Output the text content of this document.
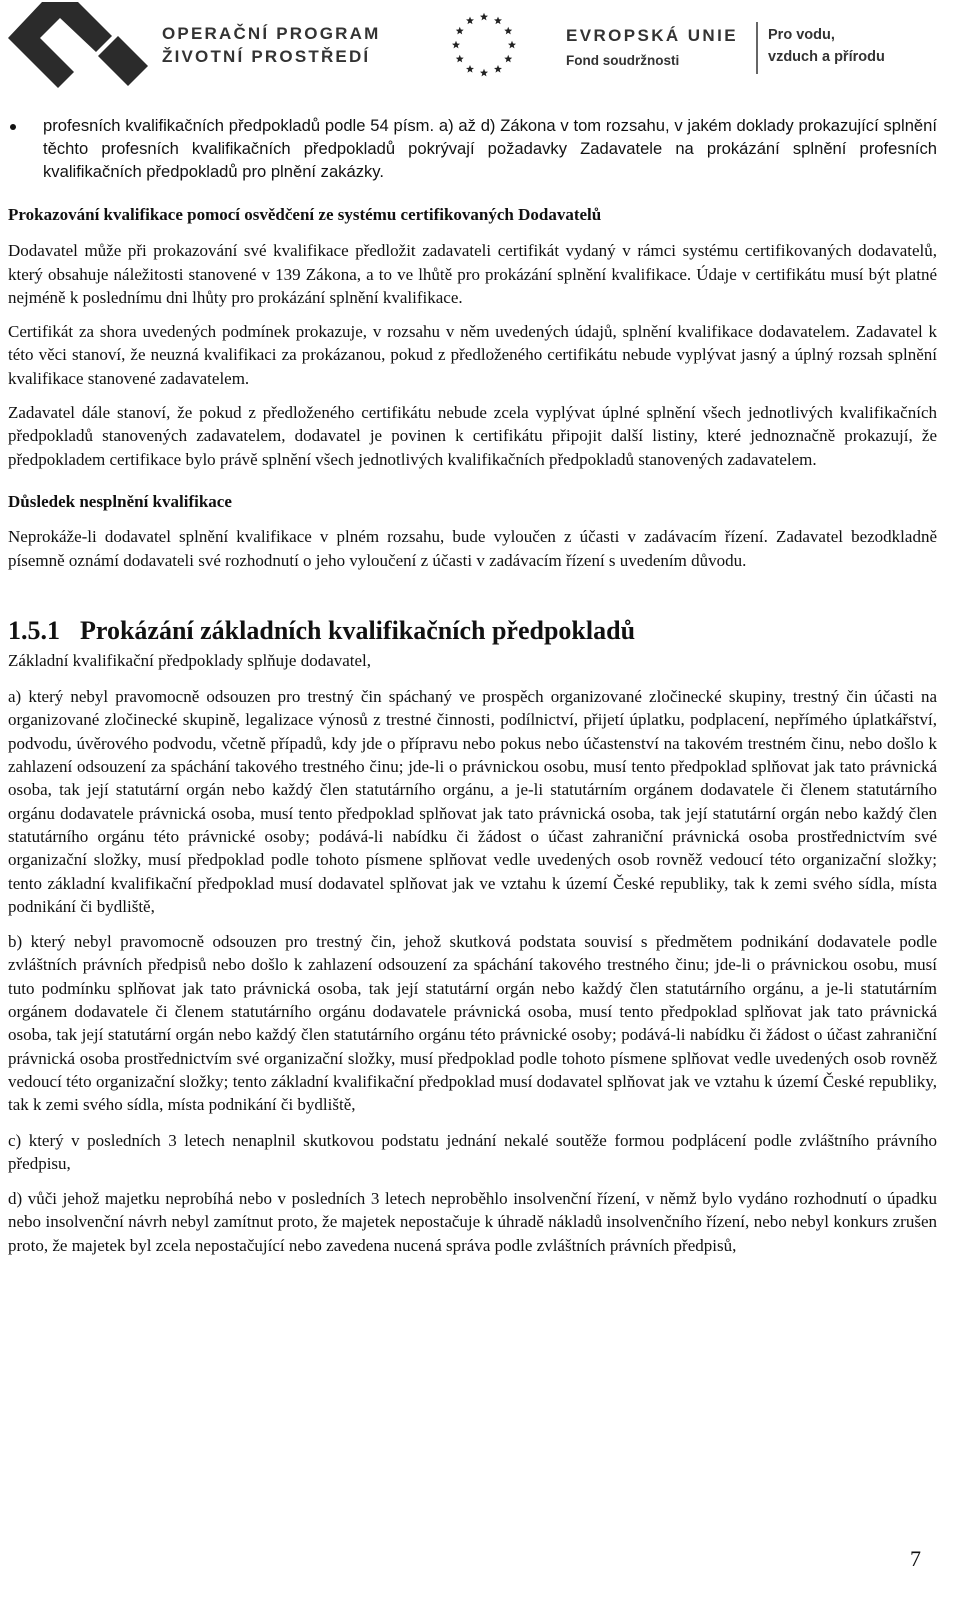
OPERAČNÍ PROGRAM
ŽIVOTNÍ PROSTŘEDÍ
EVROPSKÁ UNIE
Fond soudržnosti
Pro vodu,
vzduch a přírodu

profesních kvalifikačních předpokladů podle 54 písm. a) až d) Zákona v tom rozsahu, v jakém doklady prokazující splnění těchto profesních kvalifikačních předpokladů pokrývají požadavky Zadavatele na prokázání splnění profesních kvalifikačních předpokladů pro plnění zakázky.

Prokazování kvalifikace pomocí osvědčení ze systému certifikovaných Dodavatelů

Dodavatel může při prokazování své kvalifikace předložit zadavateli certifikát vydaný v rámci systému certifikovaných dodavatelů, který obsahuje náležitosti stanovené v 139 Zákona, a to ve lhůtě pro prokázání splnění kvalifikace. Údaje v certifikátu musí být platné nejméně k poslednímu dni lhůty pro prokázání splnění kvalifikace.

Certifikát za shora uvedených podmínek prokazuje, v rozsahu v něm uvedených údajů, splnění kvalifikace dodavatelem. Zadavatel k této věci stanoví, že neuzná kvalifikaci za prokázanou, pokud z předloženého certifikátu nebude vyplývat jasný a úplný rozsah splnění kvalifikace stanovené zadavatelem.

Zadavatel dále stanoví, že pokud z předloženého certifikátu nebude zcela vyplývat úplné splnění všech jednotlivých kvalifikačních předpokladů stanovených zadavatelem, dodavatel je povinen k certifikátu připojit další listiny, které jednoznačně prokazují, že předpokladem certifikace bylo právě splnění všech jednotlivých kvalifikačních předpokladů stanovených zadavatelem.

Důsledek nesplnění kvalifikace

Neprokáže-li dodavatel splnění kvalifikace v plném rozsahu, bude vyloučen z účasti v zadávacím řízení. Zadavatel bezodkladně písemně oznámí dodavateli své rozhodnutí o jeho vyloučení z účasti v zadávacím řízení s uvedením důvodu.

1.5.1 Prokázání základních kvalifikačních předpokladů

Základní kvalifikační předpoklady splňuje dodavatel,

a) který nebyl pravomocně odsouzen pro trestný čin spáchaný ve prospěch organizované zločinecké skupiny, trestný čin účasti na organizované zločinecké skupině, legalizace výnosů z trestné činnosti, podílnictví, přijetí úplatku, podplacení, nepřímého úplatkářství, podvodu, úvěrového podvodu, včetně případů, kdy jde o přípravu nebo pokus nebo účastenství na takovém trestném činu, nebo došlo k zahlazení odsouzení za spáchání takového trestného činu; jde-li o právnickou osobu, musí tento předpoklad splňovat jak tato právnická osoba, tak její statutární orgán nebo každý člen statutárního orgánu, a je-li statutárním orgánem dodavatele či členem statutárního orgánu dodavatele právnická osoba, musí tento předpoklad splňovat jak tato právnická osoba, tak její statutární orgán nebo každý člen statutárního orgánu této právnické osoby; podává-li nabídku či žádost o účast zahraniční právnická osoba prostřednictvím své organizační složky, musí předpoklad podle tohoto písmene splňovat vedle uvedených osob rovněž vedoucí této organizační složky; tento základní kvalifikační předpoklad musí dodavatel splňovat jak ve vztahu k území České republiky, tak k zemi svého sídla, místa podnikání či bydliště,

b) který nebyl pravomocně odsouzen pro trestný čin, jehož skutková podstata souvisí s předmětem podnikání dodavatele podle zvláštních právních předpisů nebo došlo k zahlazení odsouzení za spáchání takového trestného činu; jde-li o právnickou osobu, musí tuto podmínku splňovat jak tato právnická osoba, tak její statutární orgán nebo každý člen statutárního orgánu, a je-li statutárním orgánem dodavatele či členem statutárního orgánu dodavatele právnická osoba, musí tento předpoklad splňovat jak tato právnická osoba, tak její statutární orgán nebo každý člen statutárního orgánu této právnické osoby; podává-li nabídku či žádost o účast zahraniční právnická osoba prostřednictvím své organizační složky, musí předpoklad podle tohoto písmene splňovat vedle uvedených osob rovněž vedoucí této organizační složky; tento základní kvalifikační předpoklad musí dodavatel splňovat jak ve vztahu k území České republiky, tak k zemi svého sídla, místa podnikání či bydliště,

c) který v posledních 3 letech nenaplnil skutkovou podstatu jednání nekalé soutěže formou podplácení podle zvláštního právního předpisu,

d) vůči jehož majetku neprobíhá nebo v posledních 3 letech neproběhlo insolvenční řízení, v němž bylo vydáno rozhodnutí o úpadku nebo insolvenční návrh nebyl zamítnut proto, že majetek nepostačuje k úhradě nákladů insolvenčního řízení, nebo nebyl konkurs zrušen proto, že majetek byl zcela nepostačující nebo zavedena nucená správa podle zvláštních právních předpisů,

7
